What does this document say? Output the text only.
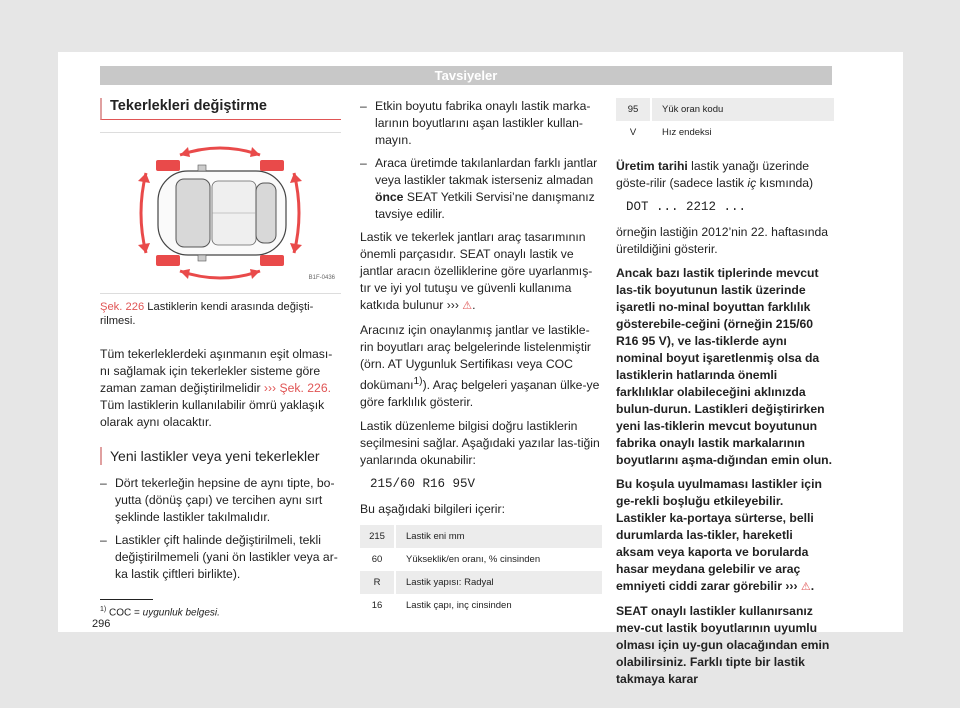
Tavsiyeler
Tekerlekleri değiştirme
B1F-0436
Şek. 226 Lastiklerin kendi arasında değişti-rilmesi.

Tüm tekerleklerdeki aşınmanın eşit olması-nı sağlamak için tekerlekler sisteme göre zaman zaman değiştirilmelidir ››› Şek. 226. Tüm lastiklerin kullanılabilir ömrü yaklaşık olarak aynı olacaktır.

Yeni lastikler veya yeni tekerlekler
– Dört tekerleğin hepsine de aynı tipte, bo-yutta (dönüş çapı) ve tercihen aynı sırt şeklinde lastikler takılmalıdır.
– Lastikler çift halinde değiştirilmeli, tekli değiştirilmemeli (yani ön lastikler veya ar-ka lastik çiftleri birlikte).
– Etkin boyutu fabrika onaylı lastik marka-larının boyutlarını aşan lastikler kullan-mayın.
– Araca üretimde takılanlardan farklı jantlar veya lastikler takmak isterseniz almadan önce SEAT Yetkili Servisi’ne danışmanız tavsiye edilir.

Lastik ve tekerlek jantları araç tasarımının önemli parçasıdır. SEAT onaylı lastik ve jantlar aracın özelliklerine göre uyarlanmış-tır ve iyi yol tutuşu ve güvenli kullanıma katkıda bulunur ››› ⚠.

Aracınız için onaylanmış jantlar ve lastikle-rin boyutları araç belgelerinde listelenmiştir (örn. AT Uygunluk Sertifikası veya COC dokümanı$^{1)}$). Araç belgeleri yaşanan ülke-ye göre farklılık gösterir.

Lastik düzenleme bilgisi doğru lastiklerin seçilmesini sağlar. Aşağıdaki yazılar las-tiğin yanlarında okunabilir:

215/60 R16 95V

Bu aşağıdaki bilgileri içerir:

215	Lastik eni mm
60	Yükseklik/en oranı, % cinsinden
R	Lastik yapısı: Radyal
16	Lastik çapı, inç cinsinden
95	Yük oran kodu
V	Hız endeksi

Üretim tarihi lastik yanağı üzerinde göste-rilir (sadece lastik iç kısmında)

DOT ... 2212 ...

örneğin lastiğin 2012’nin 22. haftasında üretildiğini gösterir.

Ancak bazı lastik tiplerinde mevcut las-tik boyutunun lastik üzerinde işaretli no-minal boyuttan farklılık gösterebile-ceğini (örneğin 215/60 R16 95 V), ve las-tiklerde aynı nominal boyut işaretlenmiş olsa da lastiklerin hatlarında önemli farklılıklar olabileceğini aklınızda bulun-durun. Lastikleri değiştirirken yeni las-tiklerin mevcut boyutunun fabrika onaylı lastik markalarının boyutlarını aşma-dığından emin olun.

Bu koşula uyulmaması lastikler için ge-rekli boşluğu etkileyebilir. Lastikler ka-portaya sürterse, belli durumlarda las-tikler, hareketli aksam veya kaporta ve borularda hasar meydana gelebilir ve araç emniyeti ciddi zarar görebilir ››› ⚠.

SEAT onaylı lastikler kullanırsanız mev-cut lastik boyutlarının uyumlu olması için uy-gun olacağından emin olabilirsiniz. Farklı tipte bir lastik takmaya karar

$^{1)}$ COC = uygunluk belgesi.
296
